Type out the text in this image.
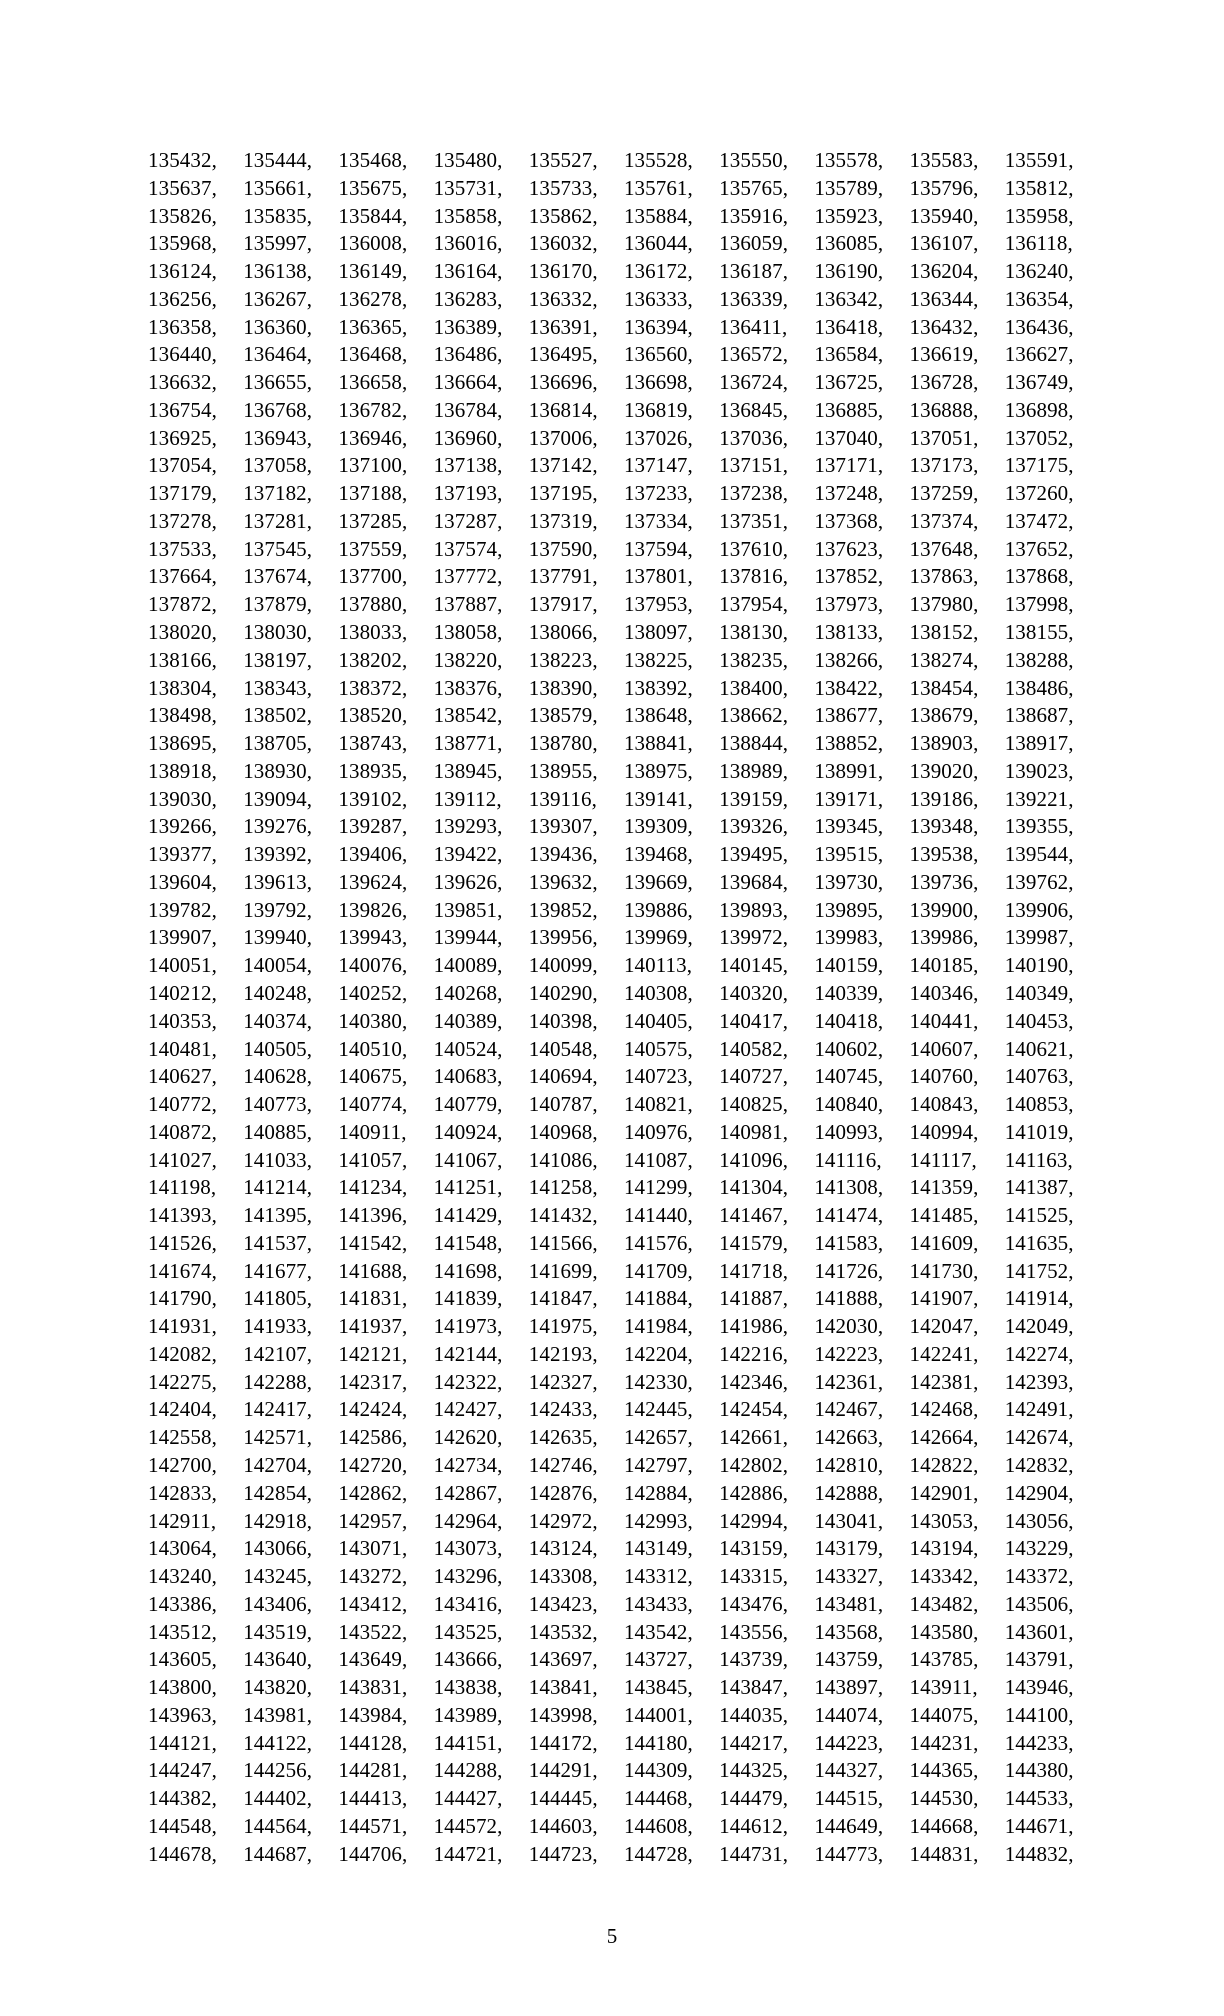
135432,	135444,	135468,	135480,	135527,	135528,	135550,	135578,	135583,	135591,
135637,	135661,	135675,	135731,	135733,	135761,	135765,	135789,	135796,	135812,
135826,	135835,	135844,	135858,	135862,	135884,	135916,	135923,	135940,	135958,
135968,	135997,	136008,	136016,	136032,	136044,	136059,	136085,	136107,	136118,
136124,	136138,	136149,	136164,	136170,	136172,	136187,	136190,	136204,	136240,
136256,	136267,	136278,	136283,	136332,	136333,	136339,	136342,	136344,	136354,
136358,	136360,	136365,	136389,	136391,	136394,	136411,	136418,	136432,	136436,
136440,	136464,	136468,	136486,	136495,	136560,	136572,	136584,	136619,	136627,
136632,	136655,	136658,	136664,	136696,	136698,	136724,	136725,	136728,	136749,
136754,	136768,	136782,	136784,	136814,	136819,	136845,	136885,	136888,	136898,
136925,	136943,	136946,	136960,	137006,	137026,	137036,	137040,	137051,	137052,
137054,	137058,	137100,	137138,	137142,	137147,	137151,	137171,	137173,	137175,
137179,	137182,	137188,	137193,	137195,	137233,	137238,	137248,	137259,	137260,
137278,	137281,	137285,	137287,	137319,	137334,	137351,	137368,	137374,	137472,
137533,	137545,	137559,	137574,	137590,	137594,	137610,	137623,	137648,	137652,
137664,	137674,	137700,	137772,	137791,	137801,	137816,	137852,	137863,	137868,
137872,	137879,	137880,	137887,	137917,	137953,	137954,	137973,	137980,	137998,
138020,	138030,	138033,	138058,	138066,	138097,	138130,	138133,	138152,	138155,
138166,	138197,	138202,	138220,	138223,	138225,	138235,	138266,	138274,	138288,
138304,	138343,	138372,	138376,	138390,	138392,	138400,	138422,	138454,	138486,
138498,	138502,	138520,	138542,	138579,	138648,	138662,	138677,	138679,	138687,
138695,	138705,	138743,	138771,	138780,	138841,	138844,	138852,	138903,	138917,
138918,	138930,	138935,	138945,	138955,	138975,	138989,	138991,	139020,	139023,
139030,	139094,	139102,	139112,	139116,	139141,	139159,	139171,	139186,	139221,
139266,	139276,	139287,	139293,	139307,	139309,	139326,	139345,	139348,	139355,
139377,	139392,	139406,	139422,	139436,	139468,	139495,	139515,	139538,	139544,
139604,	139613,	139624,	139626,	139632,	139669,	139684,	139730,	139736,	139762,
139782,	139792,	139826,	139851,	139852,	139886,	139893,	139895,	139900,	139906,
139907,	139940,	139943,	139944,	139956,	139969,	139972,	139983,	139986,	139987,
140051,	140054,	140076,	140089,	140099,	140113,	140145,	140159,	140185,	140190,
140212,	140248,	140252,	140268,	140290,	140308,	140320,	140339,	140346,	140349,
140353,	140374,	140380,	140389,	140398,	140405,	140417,	140418,	140441,	140453,
140481,	140505,	140510,	140524,	140548,	140575,	140582,	140602,	140607,	140621,
140627,	140628,	140675,	140683,	140694,	140723,	140727,	140745,	140760,	140763,
140772,	140773,	140774,	140779,	140787,	140821,	140825,	140840,	140843,	140853,
140872,	140885,	140911,	140924,	140968,	140976,	140981,	140993,	140994,	141019,
141027,	141033,	141057,	141067,	141086,	141087,	141096,	141116,	141117,	141163,
141198,	141214,	141234,	141251,	141258,	141299,	141304,	141308,	141359,	141387,
141393,	141395,	141396,	141429,	141432,	141440,	141467,	141474,	141485,	141525,
141526,	141537,	141542,	141548,	141566,	141576,	141579,	141583,	141609,	141635,
141674,	141677,	141688,	141698,	141699,	141709,	141718,	141726,	141730,	141752,
141790,	141805,	141831,	141839,	141847,	141884,	141887,	141888,	141907,	141914,
141931,	141933,	141937,	141973,	141975,	141984,	141986,	142030,	142047,	142049,
142082,	142107,	142121,	142144,	142193,	142204,	142216,	142223,	142241,	142274,
142275,	142288,	142317,	142322,	142327,	142330,	142346,	142361,	142381,	142393,
142404,	142417,	142424,	142427,	142433,	142445,	142454,	142467,	142468,	142491,
142558,	142571,	142586,	142620,	142635,	142657,	142661,	142663,	142664,	142674,
142700,	142704,	142720,	142734,	142746,	142797,	142802,	142810,	142822,	142832,
142833,	142854,	142862,	142867,	142876,	142884,	142886,	142888,	142901,	142904,
142911,	142918,	142957,	142964,	142972,	142993,	142994,	143041,	143053,	143056,
143064,	143066,	143071,	143073,	143124,	143149,	143159,	143179,	143194,	143229,
143240,	143245,	143272,	143296,	143308,	143312,	143315,	143327,	143342,	143372,
143386,	143406,	143412,	143416,	143423,	143433,	143476,	143481,	143482,	143506,
143512,	143519,	143522,	143525,	143532,	143542,	143556,	143568,	143580,	143601,
143605,	143640,	143649,	143666,	143697,	143727,	143739,	143759,	143785,	143791,
143800,	143820,	143831,	143838,	143841,	143845,	143847,	143897,	143911,	143946,
143963,	143981,	143984,	143989,	143998,	144001,	144035,	144074,	144075,	144100,
144121,	144122,	144128,	144151,	144172,	144180,	144217,	144223,	144231,	144233,
144247,	144256,	144281,	144288,	144291,	144309,	144325,	144327,	144365,	144380,
144382,	144402,	144413,	144427,	144445,	144468,	144479,	144515,	144530,	144533,
144548,	144564,	144571,	144572,	144603,	144608,	144612,	144649,	144668,	144671,
144678,	144687,	144706,	144721,	144723,	144728,	144731,	144773,	144831,	144832,
5
